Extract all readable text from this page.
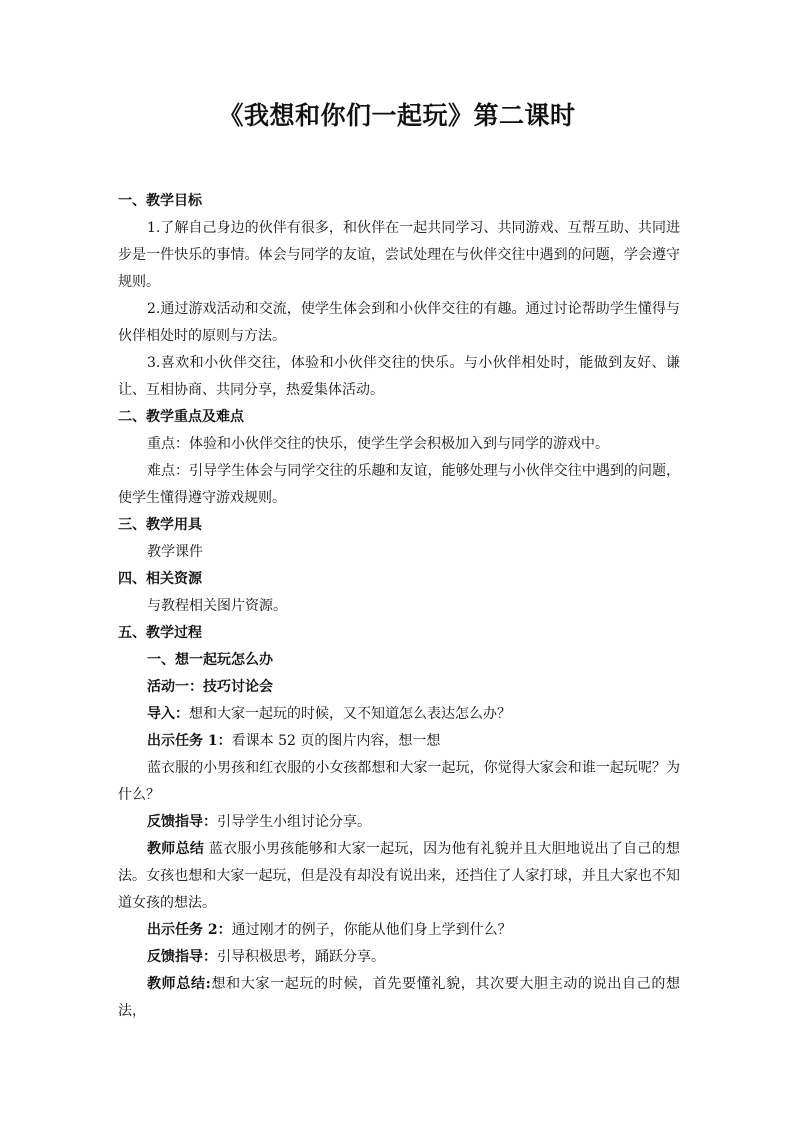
《我想和你们一起玩》第二课时

一、教学目标

1.了解自己身边的伙伴有很多，和伙伴在一起共同学习、共同游戏、互帮互助、共同进步是一件快乐的事情。体会与同学的友谊，尝试处理在与伙伴交往中遇到的问题，学会遵守规则。

2.通过游戏活动和交流，使学生体会到和小伙伴交往的有趣。通过讨论帮助学生懂得与伙伴相处时的原则与方法。

3.喜欢和小伙伴交往，体验和小伙伴交往的快乐。与小伙伴相处时，能做到友好、谦让、互相协商、共同分享，热爱集体活动。

二、教学重点及难点

重点：体验和小伙伴交往的快乐，使学生学会积极加入到与同学的游戏中。

难点：引导学生体会与同学交往的乐趣和友谊，能够处理与小伙伴交往中遇到的问题，使学生懂得遵守游戏规则。

三、教学用具

教学课件

四、相关资源

与教程相关图片资源。

五、教学过程

一、想一起玩怎么办

活动一：技巧讨论会

导入：想和大家一起玩的时候，又不知道怎么表达怎么办？

出示任务 1：看课本 52 页的图片内容，想一想

蓝衣服的小男孩和红衣服的小女孩都想和大家一起玩，你觉得大家会和谁一起玩呢？为什么？

反馈指导：引导学生小组讨论分享。

教师总结 蓝衣服小男孩能够和大家一起玩，因为他有礼貌并且大胆地说出了自己的想法。女孩也想和大家一起玩，但是没有却没有说出来，还挡住了人家打球，并且大家也不知道女孩的想法。

出示任务 2：通过刚才的例子，你能从他们身上学到什么？

反馈指导：引导积极思考，踊跃分享。

教师总结:想和大家一起玩的时候，首先要懂礼貌，其次要大胆主动的说出自己的想法，
